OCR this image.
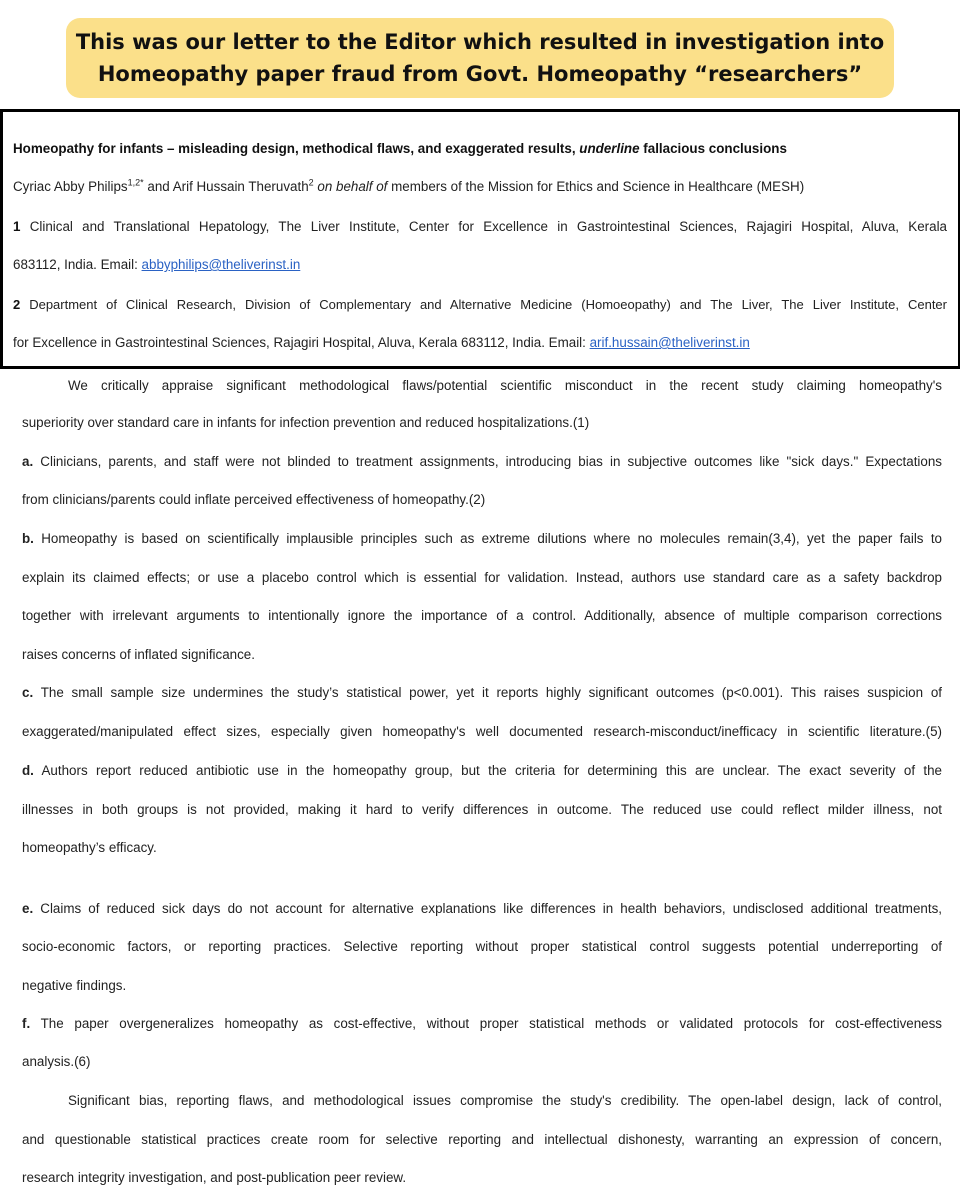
This was our letter to the Editor which resulted in investigation into
Homeopathy paper fraud from Govt. Homeopathy “researchers”
Homeopathy for infants – misleading design, methodical flaws, and exaggerated results, underline fallacious conclusions
Cyriac Abby Philips$^{1,2*}$ and Arif Hussain Theruvath$^2$ on behalf of members of the Mission for Ethics and Science in Healthcare (MESH)
1 Clinical and Translational Hepatology, The Liver Institute, Center for Excellence in Gastrointestinal Sciences, Rajagiri Hospital, Aluva, Kerala
683112, India. Email: abbyphilips@theliverinst.in
2 Department of Clinical Research, Division of Complementary and Alternative Medicine (Homoeopathy) and The Liver, The Liver Institute, Center
for Excellence in Gastrointestinal Sciences, Rajagiri Hospital, Aluva, Kerala 683112, India. Email: arif.hussain@theliverinst.in
We critically appraise significant methodological flaws/potential scientific misconduct in the recent study claiming homeopathy's
superiority over standard care in infants for infection prevention and reduced hospitalizations.(1)
a. Clinicians, parents, and staff were not blinded to treatment assignments, introducing bias in subjective outcomes like "sick days." Expectations
from clinicians/parents could inflate perceived effectiveness of homeopathy.(2)
b. Homeopathy is based on scientifically implausible principles such as extreme dilutions where no molecules remain(3,4), yet the paper fails to
explain its claimed effects; or use a placebo control which is essential for validation. Instead, authors use standard care as a safety backdrop
together with irrelevant arguments to intentionally ignore the importance of a control. Additionally, absence of multiple comparison corrections
raises concerns of inflated significance.
c. The small sample size undermines the study’s statistical power, yet it reports highly significant outcomes (p<0.001). This raises suspicion of
exaggerated/manipulated effect sizes, especially given homeopathy's well documented research-misconduct/inefficacy in scientific literature.(5)
d. Authors report reduced antibiotic use in the homeopathy group, but the criteria for determining this are unclear. The exact severity of the
illnesses in both groups is not provided, making it hard to verify differences in outcome. The reduced use could reflect milder illness, not
homeopathy’s efficacy.
e. Claims of reduced sick days do not account for alternative explanations like differences in health behaviors, undisclosed additional treatments,
socio-economic factors, or reporting practices. Selective reporting without proper statistical control suggests potential underreporting of
negative findings.
f. The paper overgeneralizes homeopathy as cost-effective, without proper statistical methods or validated protocols for cost-effectiveness
analysis.(6)
Significant bias, reporting flaws, and methodological issues compromise the study's credibility. The open-label design, lack of control,
and questionable statistical practices create room for selective reporting and intellectual dishonesty, warranting an expression of concern,
research integrity investigation, and post-publication peer review.
